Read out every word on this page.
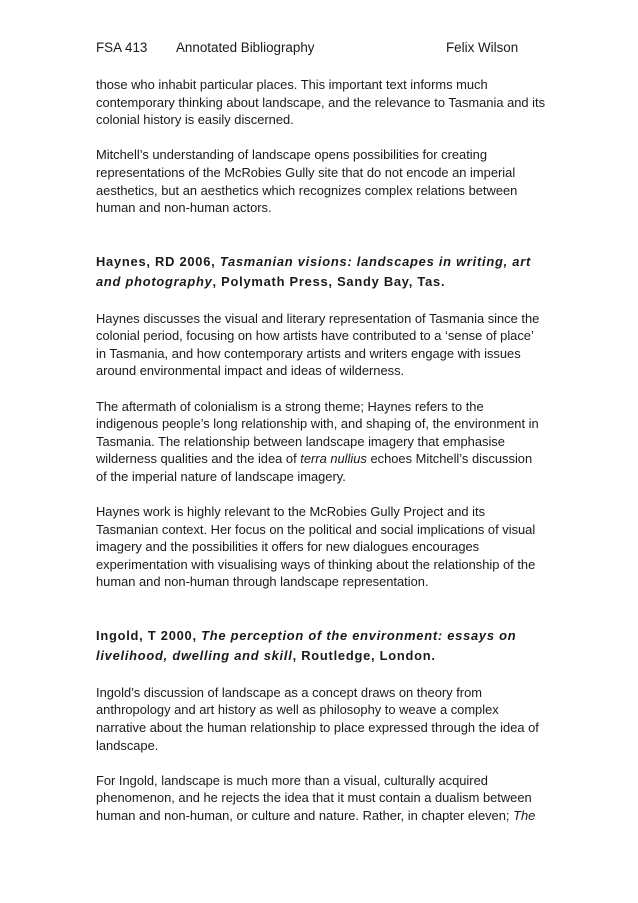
FSA 413 Annotated Bibliography	Felix Wilson

those who inhabit particular places. This important text informs much contemporary thinking about landscape, and the relevance to Tasmania and its colonial history is easily discerned.

Mitchell’s understanding of landscape opens possibilities for creating representations of the McRobies Gully site that do not encode an imperial aesthetics, but an aesthetics which recognizes complex relations between human and non-human actors.

Haynes, RD 2006, Tasmanian visions: landscapes in writing, art and photography, Polymath Press, Sandy Bay, Tas.

Haynes discusses the visual and literary representation of Tasmania since the colonial period, focusing on how artists have contributed to a ‘sense of place’ in Tasmania, and how contemporary artists and writers engage with issues around environmental impact and ideas of wilderness.

The aftermath of colonialism is a strong theme; Haynes refers to the indigenous people’s long relationship with, and shaping of, the environment in Tasmania. The relationship between landscape imagery that emphasise wilderness qualities and the idea of terra nullius echoes Mitchell’s discussion of the imperial nature of landscape imagery.

Haynes work is highly relevant to the McRobies Gully Project and its Tasmanian context. Her focus on the political and social implications of visual imagery and the possibilities it offers for new dialogues encourages experimentation with visualising ways of thinking about the relationship of the human and non-human through landscape representation.

Ingold, T 2000, The perception of the environment: essays on livelihood, dwelling and skill, Routledge, London.

Ingold’s discussion of landscape as a concept draws on theory from anthropology and art history as well as philosophy to weave a complex narrative about the human relationship to place expressed through the idea of landscape.

For Ingold, landscape is much more than a visual, culturally acquired phenomenon, and he rejects the idea that it must contain a dualism between human and non-human, or culture and nature. Rather, in chapter eleven; The
